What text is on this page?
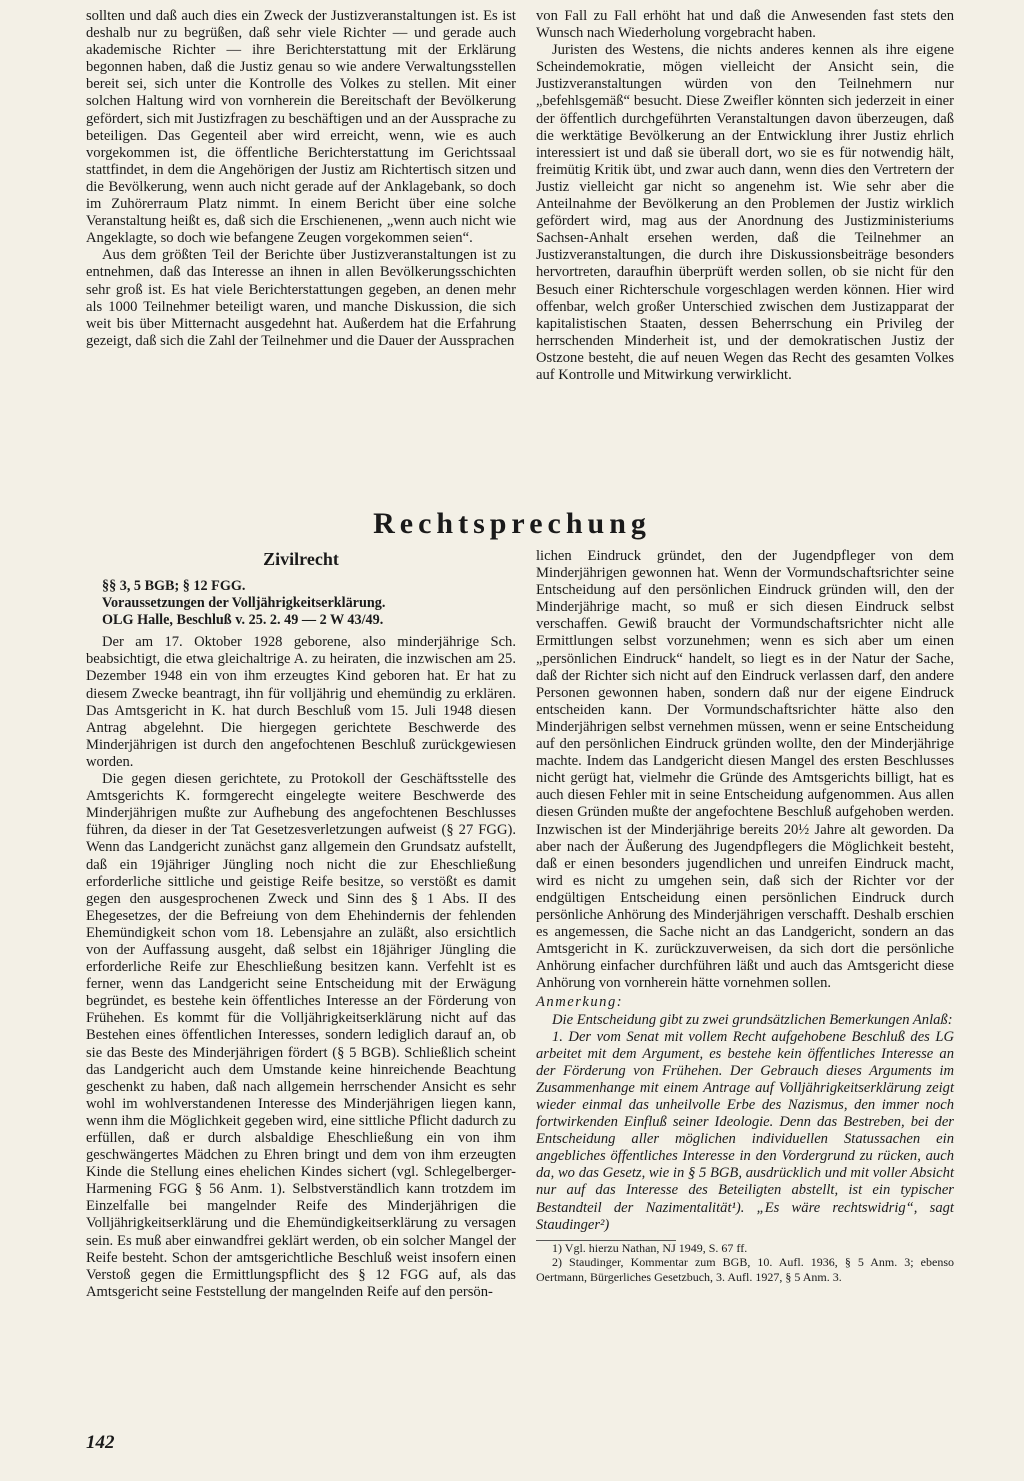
sollten und daß auch dies ein Zweck der Justizveranstaltungen ist. Es ist deshalb nur zu begrüßen, daß sehr viele Richter — und gerade auch akademische Richter — ihre Berichterstattung mit der Erklärung begonnen haben, daß die Justiz genau so wie andere Verwaltungsstellen bereit sei, sich unter die Kontrolle des Volkes zu stellen. Mit einer solchen Haltung wird von vornherein die Bereitschaft der Bevölkerung gefördert, sich mit Justizfragen zu beschäftigen und an der Aussprache zu beteiligen. Das Gegenteil aber wird erreicht, wenn, wie es auch vorgekommen ist, die öffentliche Berichterstattung im Gerichtssaal stattfindet, in dem die Angehörigen der Justiz am Richtertisch sitzen und die Bevölkerung, wenn auch nicht gerade auf der Anklagebank, so doch im Zuhörerraum Platz nimmt. In einem Bericht über eine solche Veranstaltung heißt es, daß sich die Erschienenen, „wenn auch nicht wie Angeklagte, so doch wie befangene Zeugen vorgekommen seien“.

Aus dem größten Teil der Berichte über Justizveranstaltungen ist zu entnehmen, daß das Interesse an ihnen in allen Bevölkerungsschichten sehr groß ist. Es hat viele Berichterstattungen gegeben, an denen mehr als 1000 Teilnehmer beteiligt waren, und manche Diskussion, die sich weit bis über Mitternacht ausgedehnt hat. Außerdem hat die Erfahrung gezeigt, daß sich die Zahl der Teilnehmer und die Dauer der Aussprachen

von Fall zu Fall erhöht hat und daß die Anwesenden fast stets den Wunsch nach Wiederholung vorgebracht haben.

Juristen des Westens, die nichts anderes kennen als ihre eigene Scheindemokratie, mögen vielleicht der Ansicht sein, die Justizveranstaltungen würden von den Teilnehmern nur „befehlsgemäß“ besucht. Diese Zweifler könnten sich jederzeit in einer der öffentlich durchgeführten Veranstaltungen davon überzeugen, daß die werktätige Bevölkerung an der Entwicklung ihrer Justiz ehrlich interessiert ist und daß sie überall dort, wo sie es für notwendig hält, freimütig Kritik übt, und zwar auch dann, wenn dies den Vertretern der Justiz vielleicht gar nicht so angenehm ist. Wie sehr aber die Anteilnahme der Bevölkerung an den Problemen der Justiz wirklich gefördert wird, mag aus der Anordnung des Justizministeriums Sachsen-Anhalt ersehen werden, daß die Teilnehmer an Justizveranstaltungen, die durch ihre Diskussionsbeiträge besonders hervortreten, daraufhin überprüft werden sollen, ob sie nicht für den Besuch einer Richterschule vorgeschlagen werden können. Hier wird offenbar, welch großer Unterschied zwischen dem Justizapparat der kapitalistischen Staaten, dessen Beherrschung ein Privileg der herrschenden Minderheit ist, und der demokratischen Justiz der Ostzone besteht, die auf neuen Wegen das Recht des gesamten Volkes auf Kontrolle und Mitwirkung verwirklicht.

Rechtsprechung

Zivilrecht

§§ 3, 5 BGB; § 12 FGG.

Voraussetzungen der Volljährigkeitserklärung.

OLG Halle, Beschluß v. 25. 2. 49 — 2 W 43/49.

Der am 17. Oktober 1928 geborene, also minderjährige Sch. beabsichtigt, die etwa gleichaltrige A. zu heiraten, die inzwischen am 25. Dezember 1948 ein von ihm erzeugtes Kind geboren hat. Er hat zu diesem Zwecke beantragt, ihn für volljährig und ehemündig zu erklären. Das Amtsgericht in K. hat durch Beschluß vom 15. Juli 1948 diesen Antrag abgelehnt. Die hiergegen gerichtete Beschwerde des Minderjährigen ist durch den angefochtenen Beschluß zurückgewiesen worden.

Die gegen diesen gerichtete, zu Protokoll der Geschäftsstelle des Amtsgerichts K. formgerecht eingelegte weitere Beschwerde des Minderjährigen mußte zur Aufhebung des angefochtenen Beschlusses führen, da dieser in der Tat Gesetzesverletzungen aufweist (§ 27 FGG). Wenn das Landgericht zunächst ganz allgemein den Grundsatz aufstellt, daß ein 19jähriger Jüngling noch nicht die zur Eheschließung erforderliche sittliche und geistige Reife besitze, so verstößt es damit gegen den ausgesprochenen Zweck und Sinn des § 1 Abs. II des Ehegesetzes, der die Befreiung von dem Ehehindernis der fehlenden Ehemündigkeit schon vom 18. Lebensjahre an zuläßt, also ersichtlich von der Auffassung ausgeht, daß selbst ein 18jähriger Jüngling die erforderliche Reife zur Eheschließung besitzen kann. Verfehlt ist es ferner, wenn das Landgericht seine Entscheidung mit der Erwägung begründet, es bestehe kein öffentliches Interesse an der Förderung von Frühehen. Es kommt für die Volljährigkeitserklärung nicht auf das Bestehen eines öffentlichen Interesses, sondern lediglich darauf an, ob sie das Beste des Minderjährigen fördert (§ 5 BGB). Schließlich scheint das Landgericht auch dem Umstande keine hinreichende Beachtung geschenkt zu haben, daß nach allgemein herrschender Ansicht es sehr wohl im wohlverstandenen Interesse des Minderjährigen liegen kann, wenn ihm die Möglichkeit gegeben wird, eine sittliche Pflicht dadurch zu erfüllen, daß er durch alsbaldige Eheschließung ein von ihm geschwängertes Mädchen zu Ehren bringt und dem von ihm erzeugten Kinde die Stellung eines ehelichen Kindes sichert (vgl. Schlegelberger-Harmening FGG § 56 Anm. 1). Selbstverständlich kann trotzdem im Einzelfalle bei mangelnder Reife des Minderjährigen die Volljährigkeitserklärung und die Ehemündigkeitserklärung zu versagen sein. Es muß aber einwandfrei geklärt werden, ob ein solcher Mangel der Reife besteht. Schon der amtsgerichtliche Beschluß weist insofern einen Verstoß gegen die Ermittlungspflicht des § 12 FGG auf, als das Amtsgericht seine Feststellung der mangelnden Reife auf den persön-

lichen Eindruck gründet, den der Jugendpfleger von dem Minderjährigen gewonnen hat. Wenn der Vormundschaftsrichter seine Entscheidung auf den persönlichen Eindruck gründen will, den der Minderjährige macht, so muß er sich diesen Eindruck selbst verschaffen. Gewiß braucht der Vormundschaftsrichter nicht alle Ermittlungen selbst vorzunehmen; wenn es sich aber um einen „persönlichen Eindruck“ handelt, so liegt es in der Natur der Sache, daß der Richter sich nicht auf den Eindruck verlassen darf, den andere Personen gewonnen haben, sondern daß nur der eigene Eindruck entscheiden kann. Der Vormundschaftsrichter hätte also den Minderjährigen selbst vernehmen müssen, wenn er seine Entscheidung auf den persönlichen Eindruck gründen wollte, den der Minderjährige machte. Indem das Landgericht diesen Mangel des ersten Beschlusses nicht gerügt hat, vielmehr die Gründe des Amtsgerichts billigt, hat es auch diesen Fehler mit in seine Entscheidung aufgenommen. Aus allen diesen Gründen mußte der angefochtene Beschluß aufgehoben werden. Inzwischen ist der Minderjährige bereits 20½ Jahre alt geworden. Da aber nach der Äußerung des Jugendpflegers die Möglichkeit besteht, daß er einen besonders jugendlichen und unreifen Eindruck macht, wird es nicht zu umgehen sein, daß sich der Richter vor der endgültigen Entscheidung einen persönlichen Eindruck durch persönliche Anhörung des Minderjährigen verschafft. Deshalb erschien es angemessen, die Sache nicht an das Landgericht, sondern an das Amtsgericht in K. zurückzuverweisen, da sich dort die persönliche Anhörung einfacher durchführen läßt und auch das Amtsgericht diese Anhörung von vornherein hätte vornehmen sollen.

Anmerkung:

Die Entscheidung gibt zu zwei grundsätzlichen Bemerkungen Anlaß:

1. Der vom Senat mit vollem Recht aufgehobene Beschluß des LG arbeitet mit dem Argument, es bestehe kein öffentliches Interesse an der Förderung von Frühehen. Der Gebrauch dieses Arguments im Zusammenhange mit einem Antrage auf Volljährigkeitserklärung zeigt wieder einmal das unheilvolle Erbe des Nazismus, den immer noch fortwirkenden Einfluß seiner Ideologie. Denn das Bestreben, bei der Entscheidung aller möglichen individuellen Statussachen ein angebliches öffentliches Interesse in den Vordergrund zu rücken, auch da, wo das Gesetz, wie in § 5 BGB, ausdrücklich und mit voller Absicht nur auf das Interesse des Beteiligten abstellt, ist ein typischer Bestandteil der Nazimentalität¹). „Es wäre rechtswidrig“, sagt Staudinger²)

1) Vgl. hierzu Nathan, NJ 1949, S. 67 ff.

2) Staudinger, Kommentar zum BGB, 10. Aufl. 1936, § 5 Anm. 3; ebenso Oertmann, Bürgerliches Gesetzbuch, 3. Aufl. 1927, § 5 Anm. 3.

142
